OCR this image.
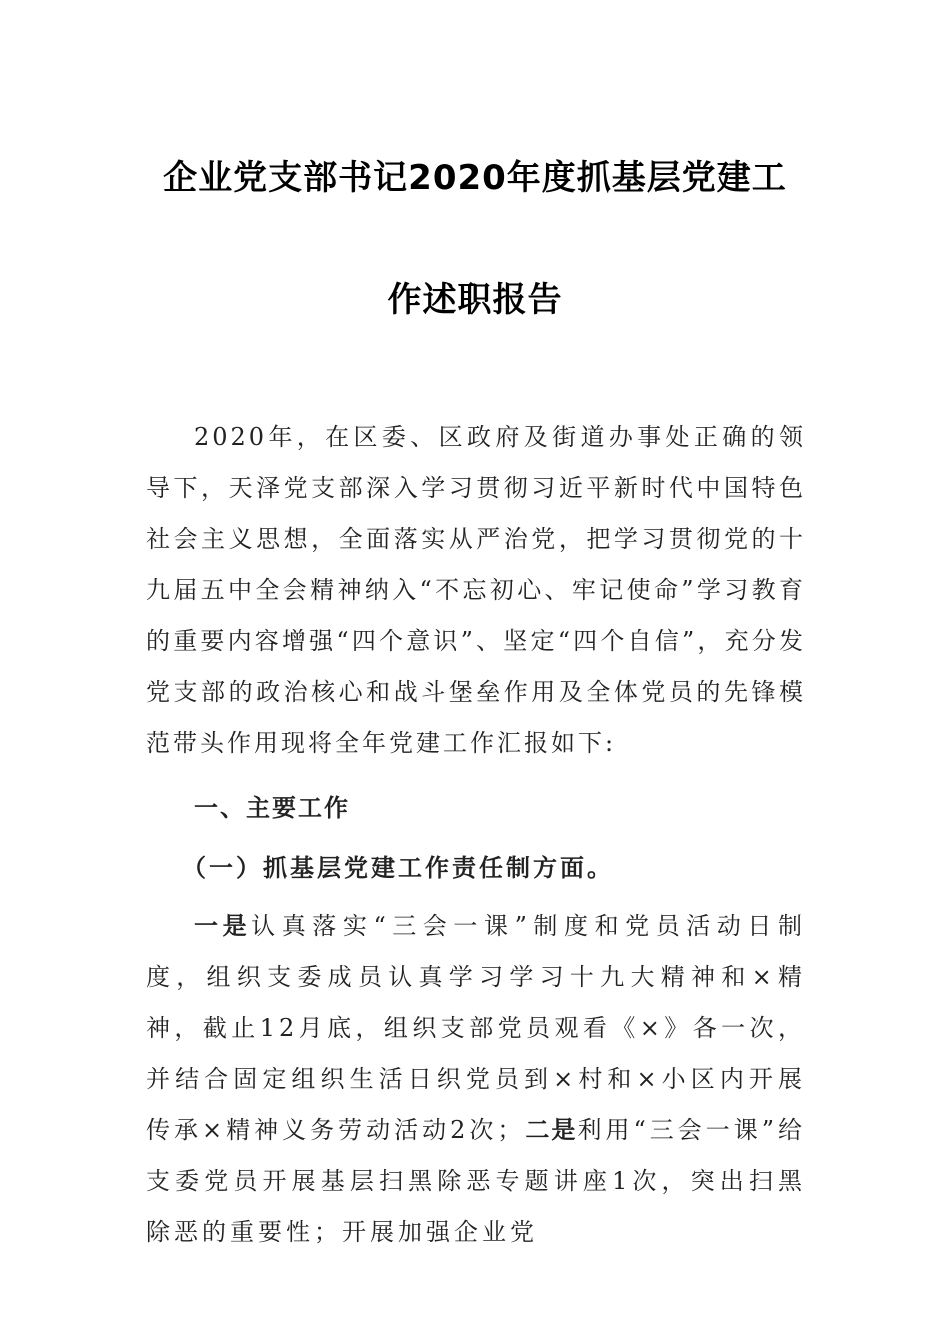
企业党支部书记2020年度抓基层党建工
作述职报告

2020年，在区委、区政府及街道办事处正确的领导下，天泽党支部深入学习贯彻习近平新时代中国特色社会主义思想，全面落实从严治党，把学习贯彻党的十九届五中全会精神纳入“不忘初心、牢记使命”学习教育的重要内容增强“四个意识”、坚定“四个自信”，充分发党支部的政治核心和战斗堡垒作用及全体党员的先锋模范带头作用现将全年党建工作汇报如下:

一、主要工作

（一）抓基层党建工作责任制方面。

一是认真落实“三会一课”制度和党员活动日制度，组织支委成员认真学习学习十九大精神和×精神，截止12月底，组织支部党员观看《×》各一次，并结合固定组织生活日织党员到×村和×小区内开展传承×精神义务劳动活动2次；二是利用“三会一课”给支委党员开展基层扫黑除恶专题讲座1次，突出扫黑除恶的重要性；开展加强企业党
